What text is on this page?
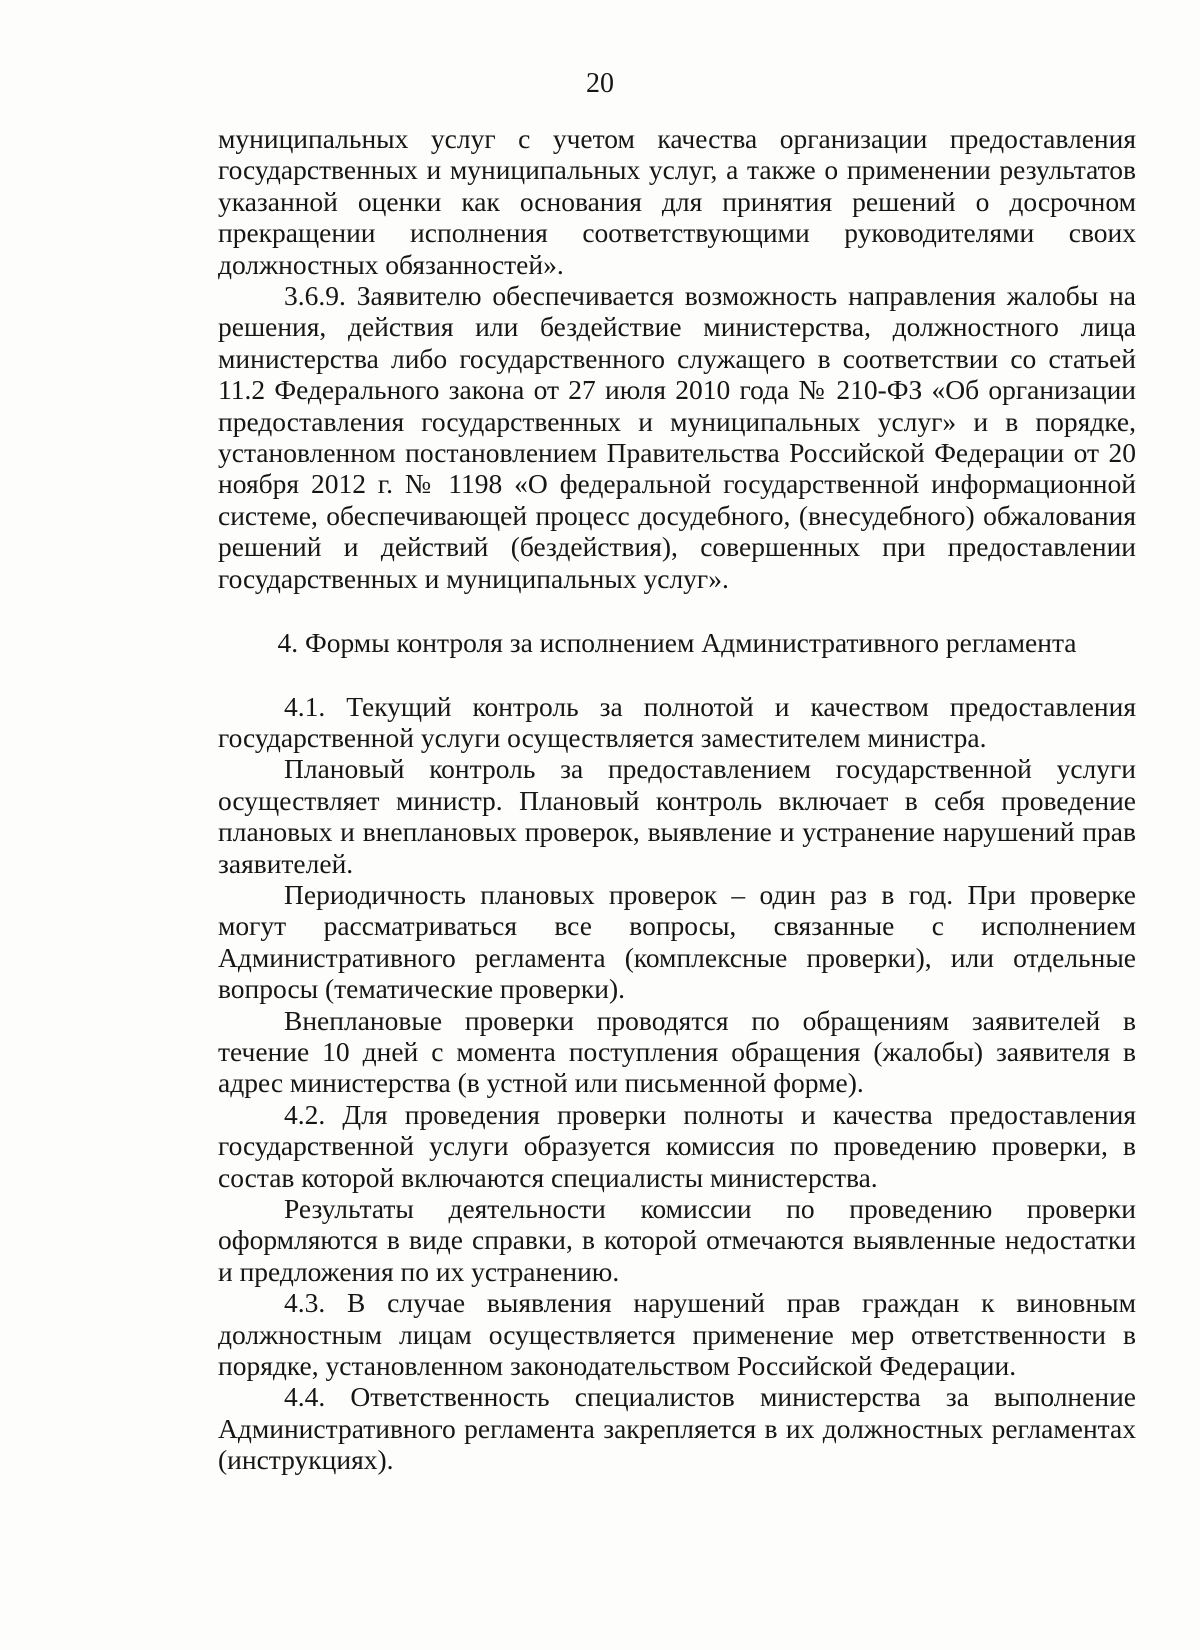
20

муниципальных услуг с учетом качества организации предоставления государственных и муниципальных услуг, а также о применении результатов указанной оценки как основания для принятия решений о досрочном прекращении исполнения соответствующими руководителями своих должностных обязанностей».

3.6.9. Заявителю обеспечивается возможность направления жалобы на решения, действия или бездействие министерства, должностного лица министерства либо государственного служащего в соответствии со статьей 11.2 Федерального закона от 27 июля 2010 года № 210-ФЗ «Об организации предоставления государственных и муниципальных услуг» и в порядке, установленном постановлением Правительства Российской Федерации от 20 ноября 2012 г. № 1198 «О федеральной государственной информационной системе, обеспечивающей процесс досудебного, (внесудебного) обжалования решений и действий (бездействия), совершенных при предоставлении государственных и муниципальных услуг».

4. Формы контроля за исполнением Административного регламента

4.1. Текущий контроль за полнотой и качеством предоставления государственной услуги осуществляется заместителем министра.

Плановый контроль за предоставлением государственной услуги осуществляет министр. Плановый контроль включает в себя проведение плановых и внеплановых проверок, выявление и устранение нарушений прав заявителей.

Периодичность плановых проверок – один раз в год. При проверке могут рассматриваться все вопросы, связанные с исполнением Административного регламента (комплексные проверки), или отдельные вопросы (тематические проверки).

Внеплановые проверки проводятся по обращениям заявителей в течение 10 дней с момента поступления обращения (жалобы) заявителя в адрес министерства (в устной или письменной форме).

4.2. Для проведения проверки полноты и качества предоставления государственной услуги образуется комиссия по проведению проверки, в состав которой включаются специалисты министерства.

Результаты деятельности комиссии по проведению проверки оформляются в виде справки, в которой отмечаются выявленные недостатки и предложения по их устранению.

4.3. В случае выявления нарушений прав граждан к виновным должностным лицам осуществляется применение мер ответственности в порядке, установленном законодательством Российской Федерации.

4.4. Ответственность специалистов министерства за выполнение Административного регламента закрепляется в их должностных регламентах (инструкциях).
